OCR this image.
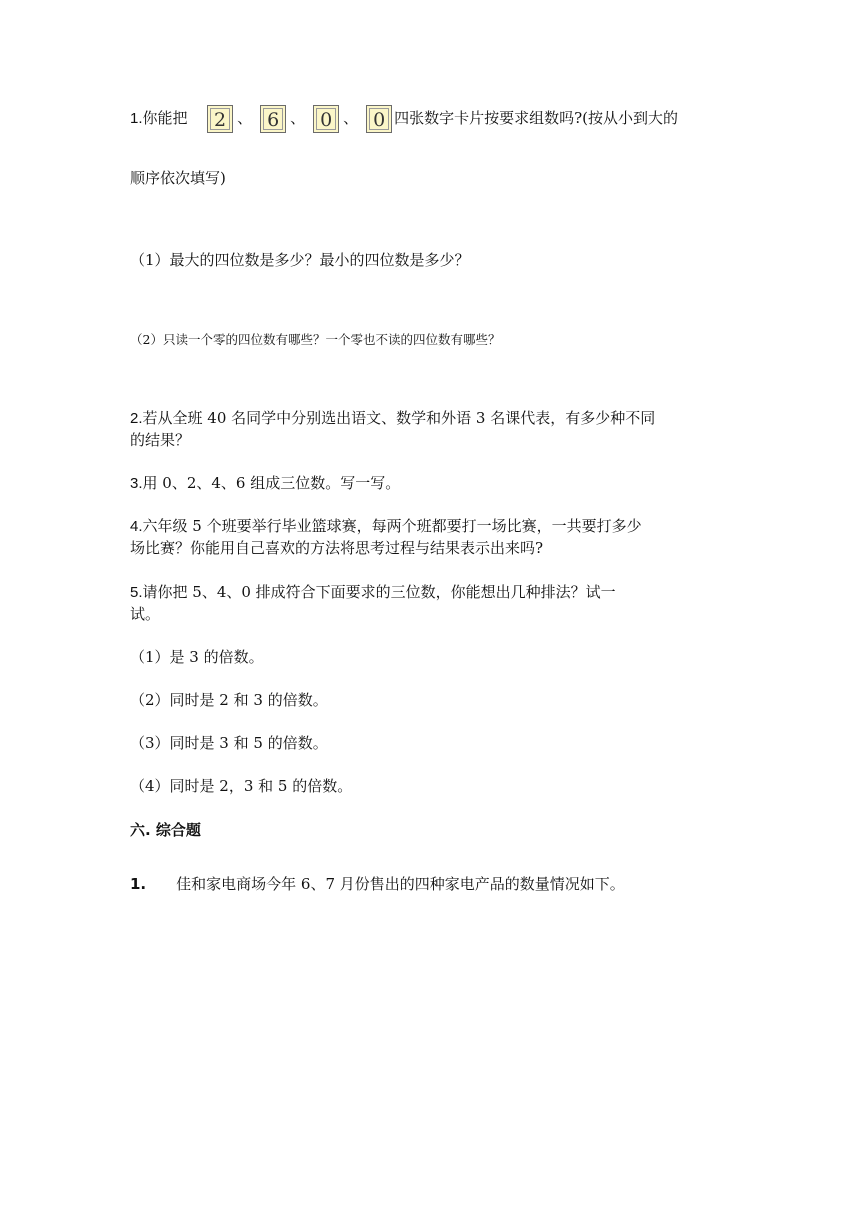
1.你能把 2 、 6 、 0 、 0 四张数字卡片按要求组数吗?(按从小到大的
顺序依次填写)
（1）最大的四位数是多少？最小的四位数是多少？
（2）只读一个零的四位数有哪些？一个零也不读的四位数有哪些？
2.若从全班 40 名同学中分别选出语文、数学和外语 3 名课代表，有多少种不同
的结果？
3.用 0、2、4、6 组成三位数。写一写。
4.六年级 5 个班要举行毕业篮球赛，每两个班都要打一场比赛，一共要打多少
场比赛？你能用自己喜欢的方法将思考过程与结果表示出来吗?
5.请你把 5、4、0 排成符合下面要求的三位数，你能想出几种排法？试一
试。
（1）是 3 的倍数。
（2）同时是 2 和 3 的倍数。
（3）同时是 3 和 5 的倍数。
（4）同时是 2，3 和 5 的倍数。
六. 综合题
1. 佳和家电商场今年 6、7 月份售出的四种家电产品的数量情况如下。
